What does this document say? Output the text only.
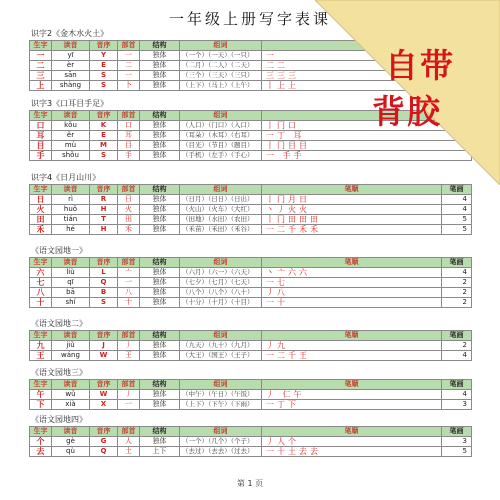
一年级上册写字表课
识字2《金木水火土》
生字	读音	音序	部首	结构	组词	
一	yī	Y	一	独体	（一个）（一天）（一只）	一
二	èr	E	二	独体	（二月）（二人）（二天）	二二
三	sān	S	一	独体	（三个）（三天）（三只）	三三三
上	shàng	S	卜	独体	（上下）（马上）（上午）	丨上上
识字3《口耳目手足》
生字	读音	音序	部首	结构	组词	
口	kǒu	K	口	独体	（人口）（门口）（入口）	丨冂口
耳	ěr	E	耳	独体	（耳朵）（木耳）（右耳）	一丁 耳
目	mù	M	目	独体	（目光）（节目）（题目）	丨冂目目
手	shǒu	S	手	独体	（手机）（左手）（手心）	一 手手
识字4《日月山川》
生字	读音	音序	部首	结构	组词	笔顺	笔画
日	rì	R	日	独体	（日月）（日日）（日出）	丨冂月日	4
火	huǒ	H	火	独体	（火山）（火车）（大红）	丶丿火火	4
田	tián	T	田	独体	（田地）（水田）（农田）	丨冂田田田	5
禾	hé	H	禾	独体	（禾苗）（禾田）（禾谷）	一二千禾禾	5
《语文园地一》
生字	读音	音序	部首	结构	组词	笔顺	笔画
六	liù	L	亠	独体	（六月）（六一）（六天）	丶亠六六	4
七	qī	Q	一	独体	（七夕）（七月）（七天）	一七	2
八	bā	B	八	独体	（八个）（八个）（八十）	丿八	2
十	shí	S	十	独体	（十分）（十月）（十目）	一十	2
《语文园地二》
生字	读音	音序	部首	结构	组词	笔顺	笔画
九	jiǔ	J	丿	独体	（九天）（九十）（九月）	丿九	2
王	wáng	W	王	独体	（大王）（国王）（王子）	一二千王	4
《语文园地三》
生字	读音	音序	部首	结构	组词	笔顺	笔画
午	wǔ	W	丿	独体	（中午）（午日）（午饭）	丿 仁午	4
下	xià	X	一	独体	（上下）（下午）（下雨）	一丁下	3
《语文园地四》
生字	读音	音序	部首	结构	组词	笔顺	笔画
个	gè	G	人	独体	（一个）（几个）（个子）	丿人个	3
去	qù	Q	土	上下	（去过）（去去）（过去）	一十土去去	5
第 1 页
自带
背胶
